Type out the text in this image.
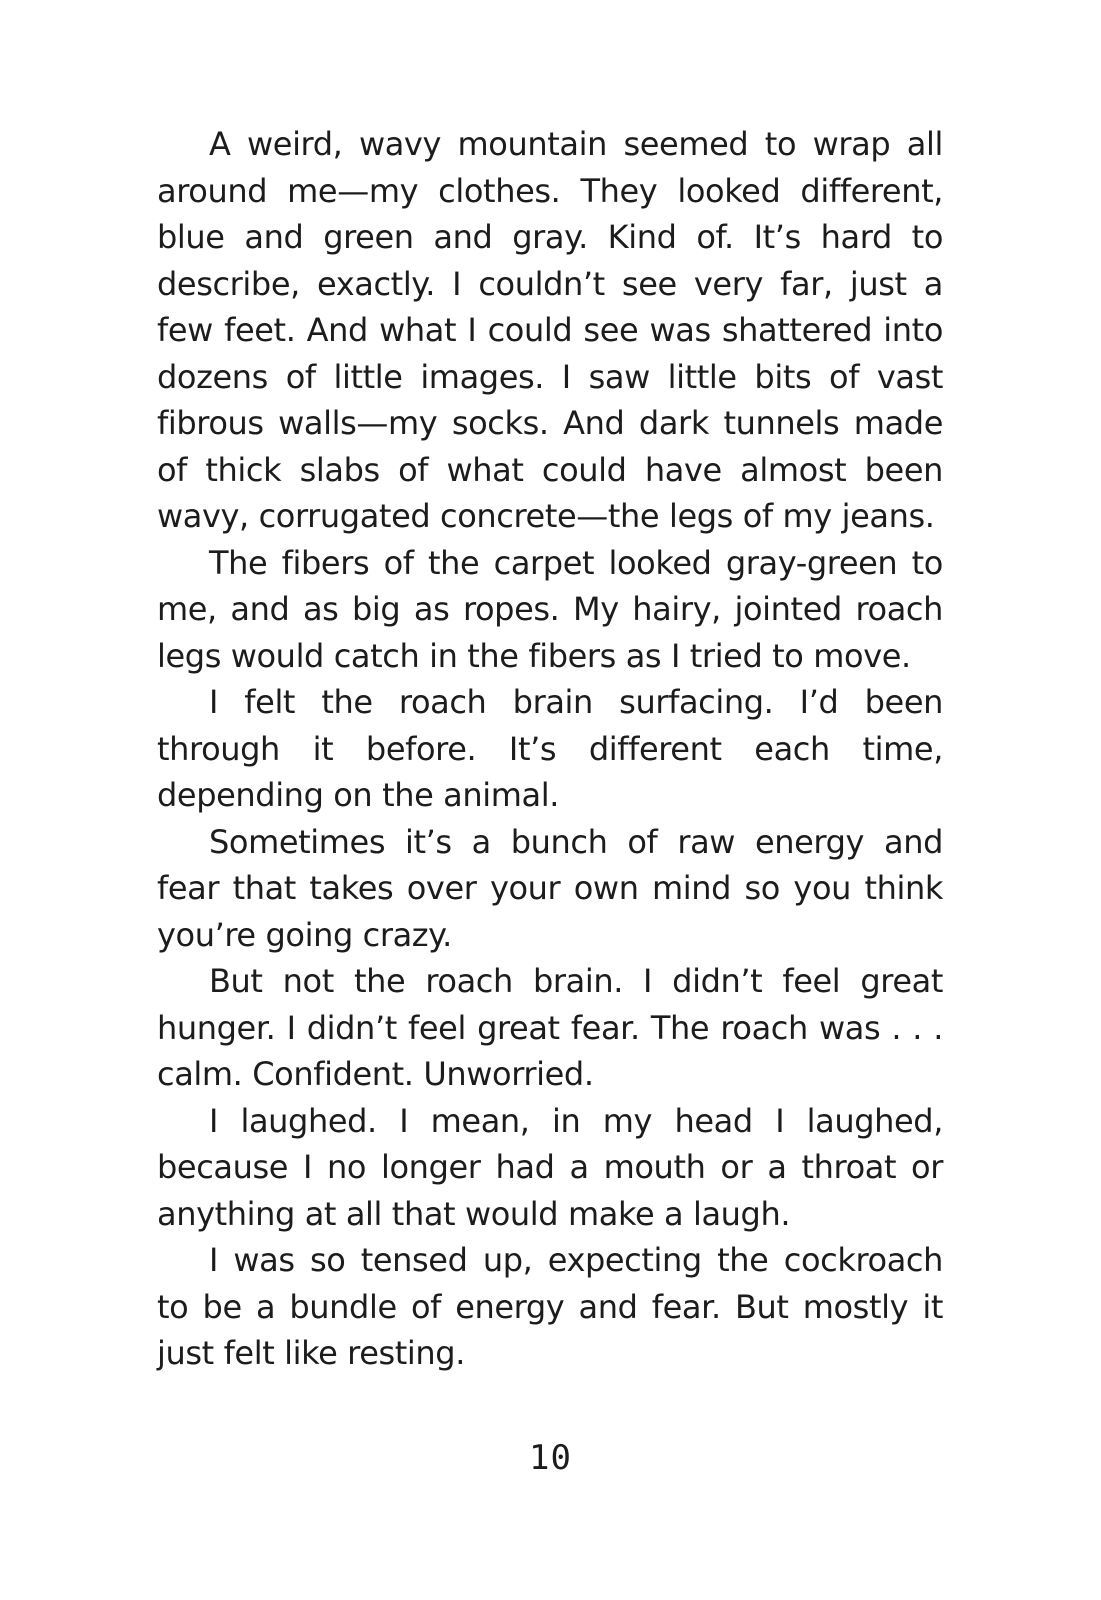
A weird, wavy mountain seemed to wrap all around me—my clothes. They looked different, blue and green and gray. Kind of. It’s hard to describe, exactly. I couldn’t see very far, just a few feet. And what I could see was shattered into dozens of little images. I saw little bits of vast fibrous walls—my socks. And dark tunnels made of thick slabs of what could have almost been wavy, corrugated concrete—the legs of my jeans.

The fibers of the carpet looked gray-green to me, and as big as ropes. My hairy, jointed roach legs would catch in the fibers as I tried to move.

I felt the roach brain surfacing. I’d been through it before. It’s different each time, depending on the animal.

Sometimes it’s a bunch of raw energy and fear that takes over your own mind so you think you’re going crazy.

But not the roach brain. I didn’t feel great hunger. I didn’t feel great fear. The roach was . . . calm. Confident. Unworried.

I laughed. I mean, in my head I laughed, because I no longer had a mouth or a throat or anything at all that would make a laugh.

I was so tensed up, expecting the cockroach to be a bundle of energy and fear. But mostly it just felt like resting.

10
